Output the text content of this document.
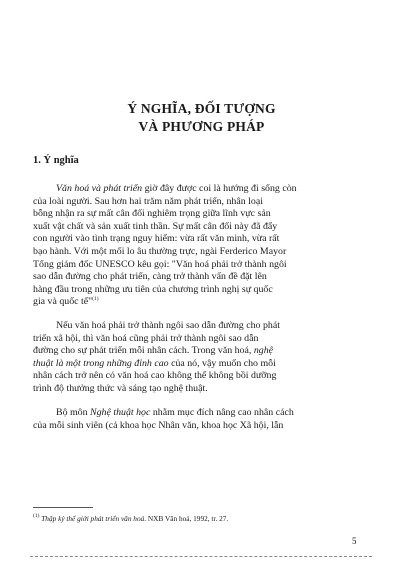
Ý NGHĨA, ĐỐI TƯỢNG
VÀ PHƯƠNG PHÁP
1. Ý nghĩa
Văn hoá và phát triển giờ đây được coi là hướng đi sống còn
của loài người. Sau hơn hai trăm năm phát triển, nhân loại
bỗng nhận ra sự mất cân đối nghiêm trọng giữa lĩnh vực sản
xuất vật chất và sản xuất tinh thần. Sự mất cân đối này đã đẩy
con người vào tình trạng nguy hiểm: vừa rất văn minh, vừa rất
bạo hành. Với một mối lo âu thường trực, ngài Ferderico Mayor
Tổng giám đốc UNESCO kêu gọi: "Văn hoá phải trở thành ngôi
sao dẫn đường cho phát triển, càng trở thành vấn đề đặt lên
hàng đầu trong những ưu tiên của chương trình nghị sự quốc
gia và quốc tế"$^{(1)}$
Nếu văn hoá phải trở thành ngôi sao dẫn đường cho phát
triển xã hội, thì văn hoá cũng phải trở thành ngôi sao dẫn
đường cho sự phát triển mỗi nhân cách. Trong văn hoá, nghệ
thuật là một trong những đỉnh cao của nó, vậy muốn cho mỗi
nhân cách trở nên có văn hoá cao không thể không bồi dưỡng
trình độ thưởng thức và sáng tạo nghệ thuật.
Bộ môn Nghệ thuật học nhằm mục đích nâng cao nhân cách
của mỗi sinh viên (cả khoa học Nhân văn, khoa học Xã hội, lẫn
$^{(1)}$ Thập kỷ thế giới phát triển văn hoá. NXB Văn hoá, 1992, tr. 27.
5
